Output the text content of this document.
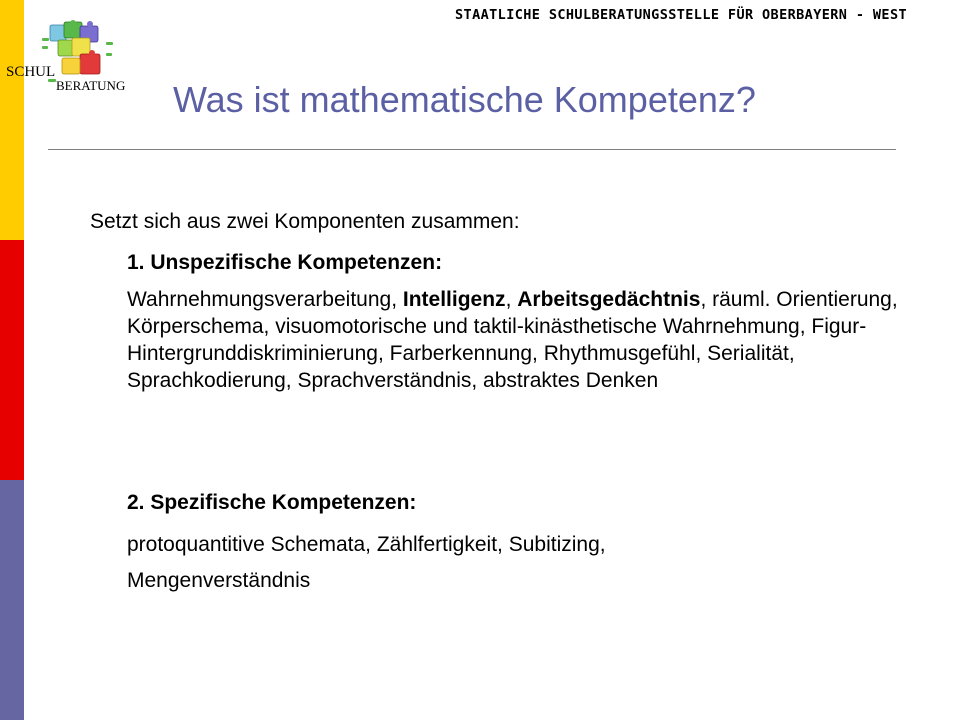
STAATLICHE SCHULBERATUNGSSTELLE FÜR OBERBAYERN - WEST
SCHUL
BERATUNG Was ist mathematische Kompetenz?
Setzt sich aus zwei Komponenten zusammen:
1. Unspezifische Kompetenzen:
Wahrnehmungsverarbeitung, Intelligenz, Arbeitsgedächtnis, räuml. Orientierung, Körperschema, visuomotorische und taktil-kinästhetische Wahrnehmung, Figur-Hintergrunddiskriminierung, Farberkennung, Rhythmusgefühl, Serialität, Sprachkodierung, Sprachverständnis, abstraktes Denken
2. Spezifische Kompetenzen:
protoquantitive Schemata, Zählfertigkeit, Subitizing,
Mengenverständnis
